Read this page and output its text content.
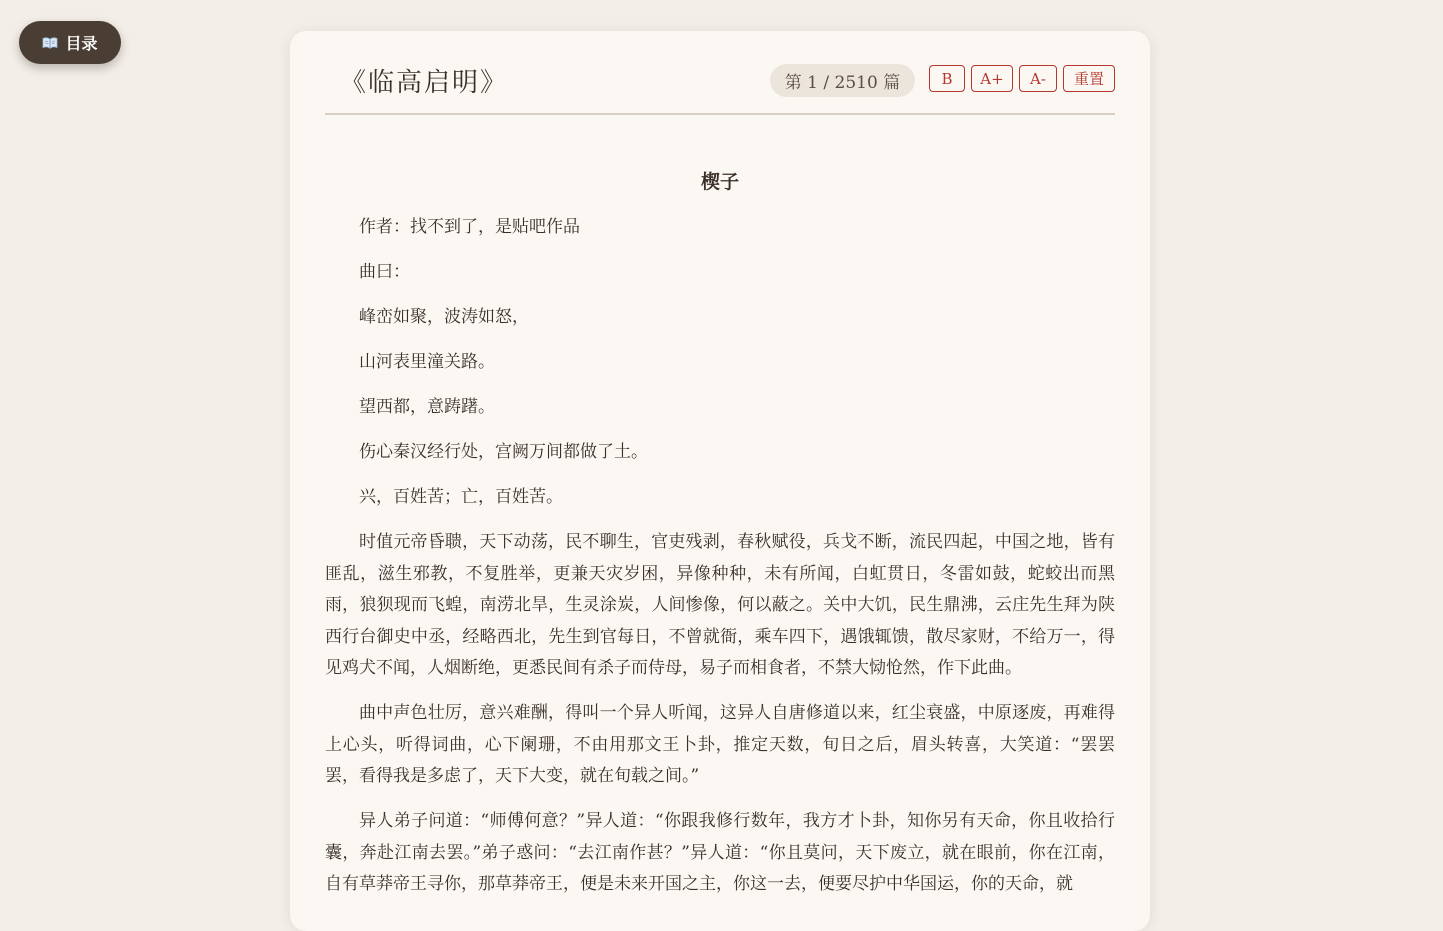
目录
《临高启明》	第 1 / 2510 篇	B	A+	A-	重置
楔子

作者：找不到了，是贴吧作品

曲曰：

峰峦如聚，波涛如怒，

山河表里潼关路。

望西都，意踌躇。

伤心秦汉经行处，宫阙万间都做了土。

兴，百姓苦；亡，百姓苦。

时值元帝昏聩，天下动荡，民不聊生，官吏残剥，春秋赋役，兵戈不断，流民四起，中国之地，皆有匪乱，滋生邪教，不复胜举，更兼天灾岁困，异像种种，未有所闻，白虹贯日，冬雷如鼓，蛇蛟出而黑雨，狼狈现而飞蝗，南涝北旱，生灵涂炭，人间惨像，何以蔽之。关中大饥，民生鼎沸，云庄先生拜为陕西行台御史中丞，经略西北，先生到官每日，不曾就衙，乘车四下，遇饿辄馈，散尽家财，不给万一，得见鸡犬不闻，人烟断绝，更悉民间有杀子而侍母，易子而相食者，不禁大恸怆然，作下此曲。

曲中声色壮厉，意兴难酬，得叫一个异人听闻，这异人自唐修道以来，红尘衰盛，中原逐废，再难得上心头，听得词曲，心下阑珊，不由用那文王卜卦，推定天数，旬日之后，眉头转喜，大笑道：“罢罢罢，看得我是多虑了，天下大变，就在旬载之间。”

异人弟子问道：“师傅何意？”异人道：“你跟我修行数年，我方才卜卦，知你另有天命，你且收拾行囊，奔赴江南去罢。”弟子惑问：“去江南作甚？”异人道：“你且莫问，天下废立，就在眼前，你在江南，自有草莽帝王寻你，那草莽帝王，便是未来开国之主，你这一去，便要尽护中华国运，你的天命，就
